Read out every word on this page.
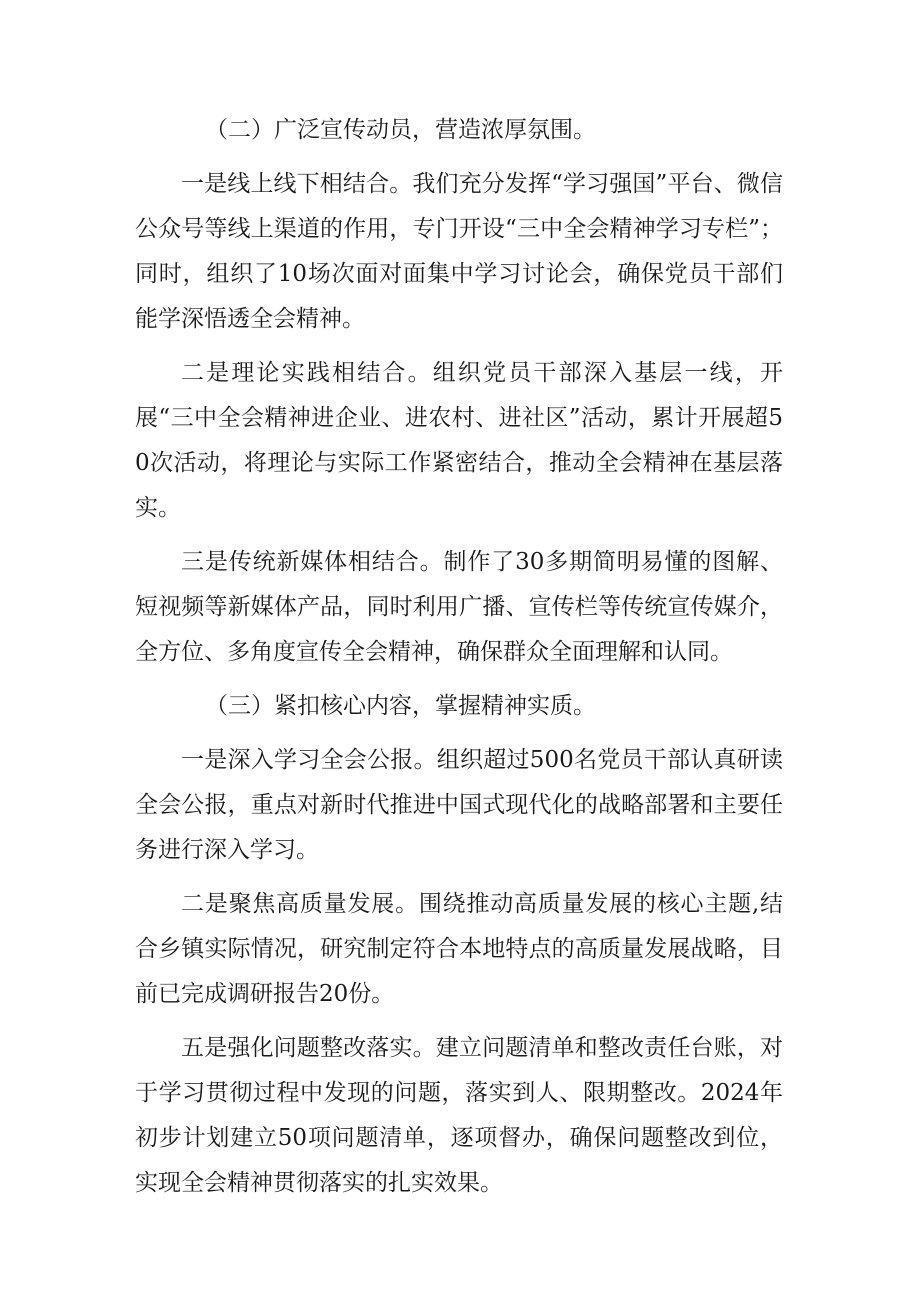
（二）广泛宣传动员，营造浓厚氛围。

一是线上线下相结合。我们充分发挥“学习强国”平台、微信公众号等线上渠道的作用，专门开设“三中全会精神学习专栏”；同时，组织了10场次面对面集中学习讨论会，确保党员干部们能学深悟透全会精神。

二是理论实践相结合。组织党员干部深入基层一线，开展“三中全会精神进企业、进农村、进社区”活动，累计开展超50次活动，将理论与实际工作紧密结合，推动全会精神在基层落实。

三是传统新媒体相结合。制作了30多期简明易懂的图解、短视频等新媒体产品，同时利用广播、宣传栏等传统宣传媒介，全方位、多角度宣传全会精神，确保群众全面理解和认同。

（三）紧扣核心内容，掌握精神实质。

一是深入学习全会公报。组织超过500名党员干部认真研读全会公报，重点对新时代推进中国式现代化的战略部署和主要任务进行深入学习。

二是聚焦高质量发展。围绕推动高质量发展的核心主题,结合乡镇实际情况，研究制定符合本地特点的高质量发展战略，目前已完成调研报告20份。

五是强化问题整改落实。建立问题清单和整改责任台账，对于学习贯彻过程中发现的问题，落实到人、限期整改。2024年初步计划建立50项问题清单，逐项督办，确保问题整改到位，实现全会精神贯彻落实的扎实效果。
